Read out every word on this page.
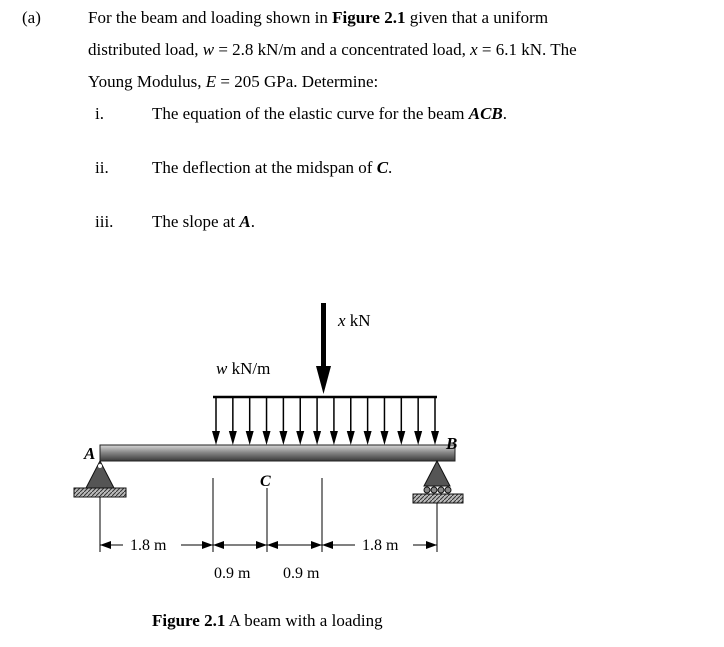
(a)	For the beam and loading shown in Figure 2.1 given that a uniform
distributed load, w = 2.8 kN/m and a concentrated load, x = 6.1 kN. The
Young Modulus, E = 205 GPa. Determine:
i.	The equation of the elastic curve for the beam ACB.
ii.	The deflection at the midspan of C.
iii. The slope at A.
x kN
w kN/m
A
B
C
1.8 m	1.8 m
0.9 m 0.9 m
Figure 2.1 A beam with a loading
